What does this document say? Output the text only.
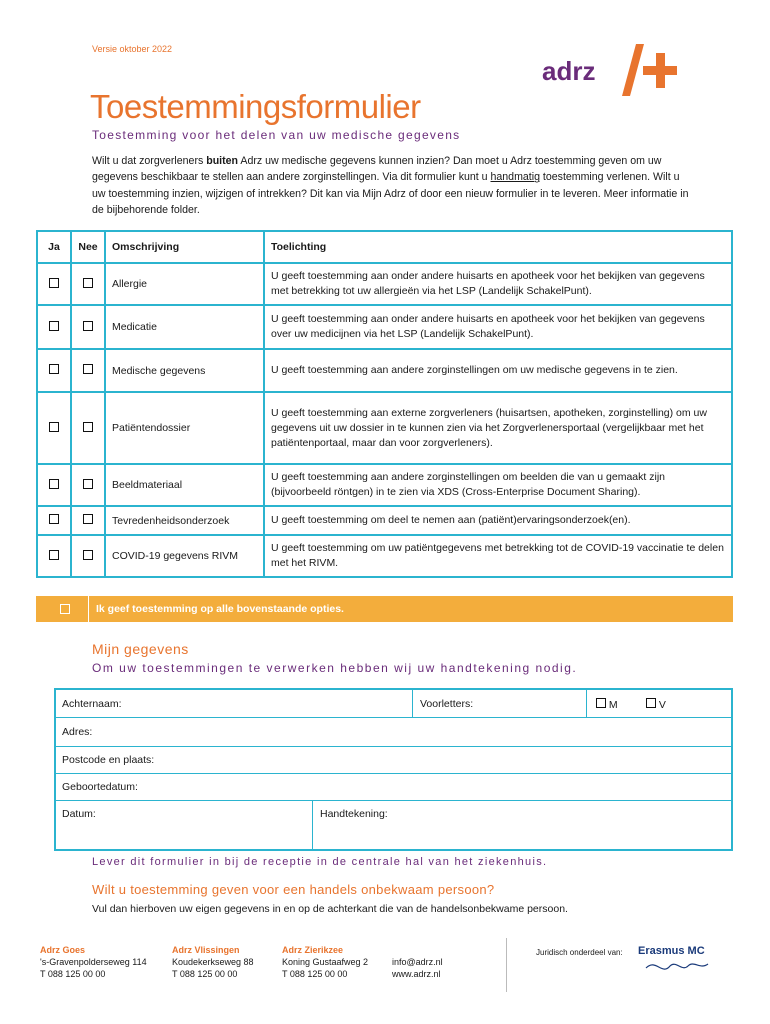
Versie oktober 2022
adrz
Toestemmingsformulier
Toestemming voor het delen van uw medische gegevens
Wilt u dat zorgverleners buiten Adrz uw medische gegevens kunnen inzien? Dan moet u Adrz toestemming geven om uw gegevens beschikbaar te stellen aan andere zorginstellingen. Via dit formulier kunt u handmatig toestemming verlenen. Wilt u uw toestemming inzien, wijzigen of intrekken? Dit kan via Mijn Adrz of door een nieuw formulier in te leveren. Meer informatie in de bijbehorende folder.
Ja	Nee	Omschrijving	Toelichting
		Allergie	U geeft toestemming aan onder andere huisarts en apotheek voor het bekijken van gegevens met betrekking tot uw allergieën via het LSP (Landelijk SchakelPunt).
		Medicatie	U geeft toestemming aan onder andere huisarts en apotheek voor het bekijken van gegevens over uw medicijnen via het LSP (Landelijk SchakelPunt).
		Medische gegevens	U geeft toestemming aan andere zorginstellingen om uw medische gegevens in te zien.
		Patiëntendossier	U geeft toestemming aan externe zorgverleners (huisartsen, apotheken, zorginstelling) om uw gegevens uit uw dossier in te kunnen zien via het Zorgverlenersportaal (vergelijkbaar met het patiëntenportaal, maar dan voor zorgverleners).
		Beeldmateriaal	U geeft toestemming aan andere zorginstellingen om beelden die van u gemaakt zijn (bijvoorbeeld röntgen) in te zien via XDS (Cross-Enterprise Document Sharing).
		Tevredenheidsonderzoek	U geeft toestemming om deel te nemen aan (patiënt)ervaringsonderzoek(en).
		COVID-19 gegevens RIVM	U geeft toestemming om uw patiëntgegevens met betrekking tot de COVID-19 vaccinatie te delen met het RIVM.
Ik geef toestemming op alle bovenstaande opties.
Mijn gegevens
Om uw toestemmingen te verwerken hebben wij uw handtekening nodig.
Achternaam:	Voorletters:	M	V
Adres:
Postcode en plaats:
Geboortedatum:
Datum:	Handtekening:
Lever dit formulier in bij de receptie in de centrale hal van het ziekenhuis.
Wilt u toestemming geven voor een handels onbekwaam persoon?
Vul dan hierboven uw eigen gegevens in en op de achterkant die van de handelsonbekwame persoon.
Adrz Goes
's-Gravenpolderseweg 114
T 088 125 00 00
Adrz Vlissingen
Koudekerkseweg 88
T 088 125 00 00
Adrz Zierikzee
Koning Gustaafweg 2
T 088 125 00 00
info@adrz.nl
www.adrz.nl
Juridisch onderdeel van: Erasmus MC
